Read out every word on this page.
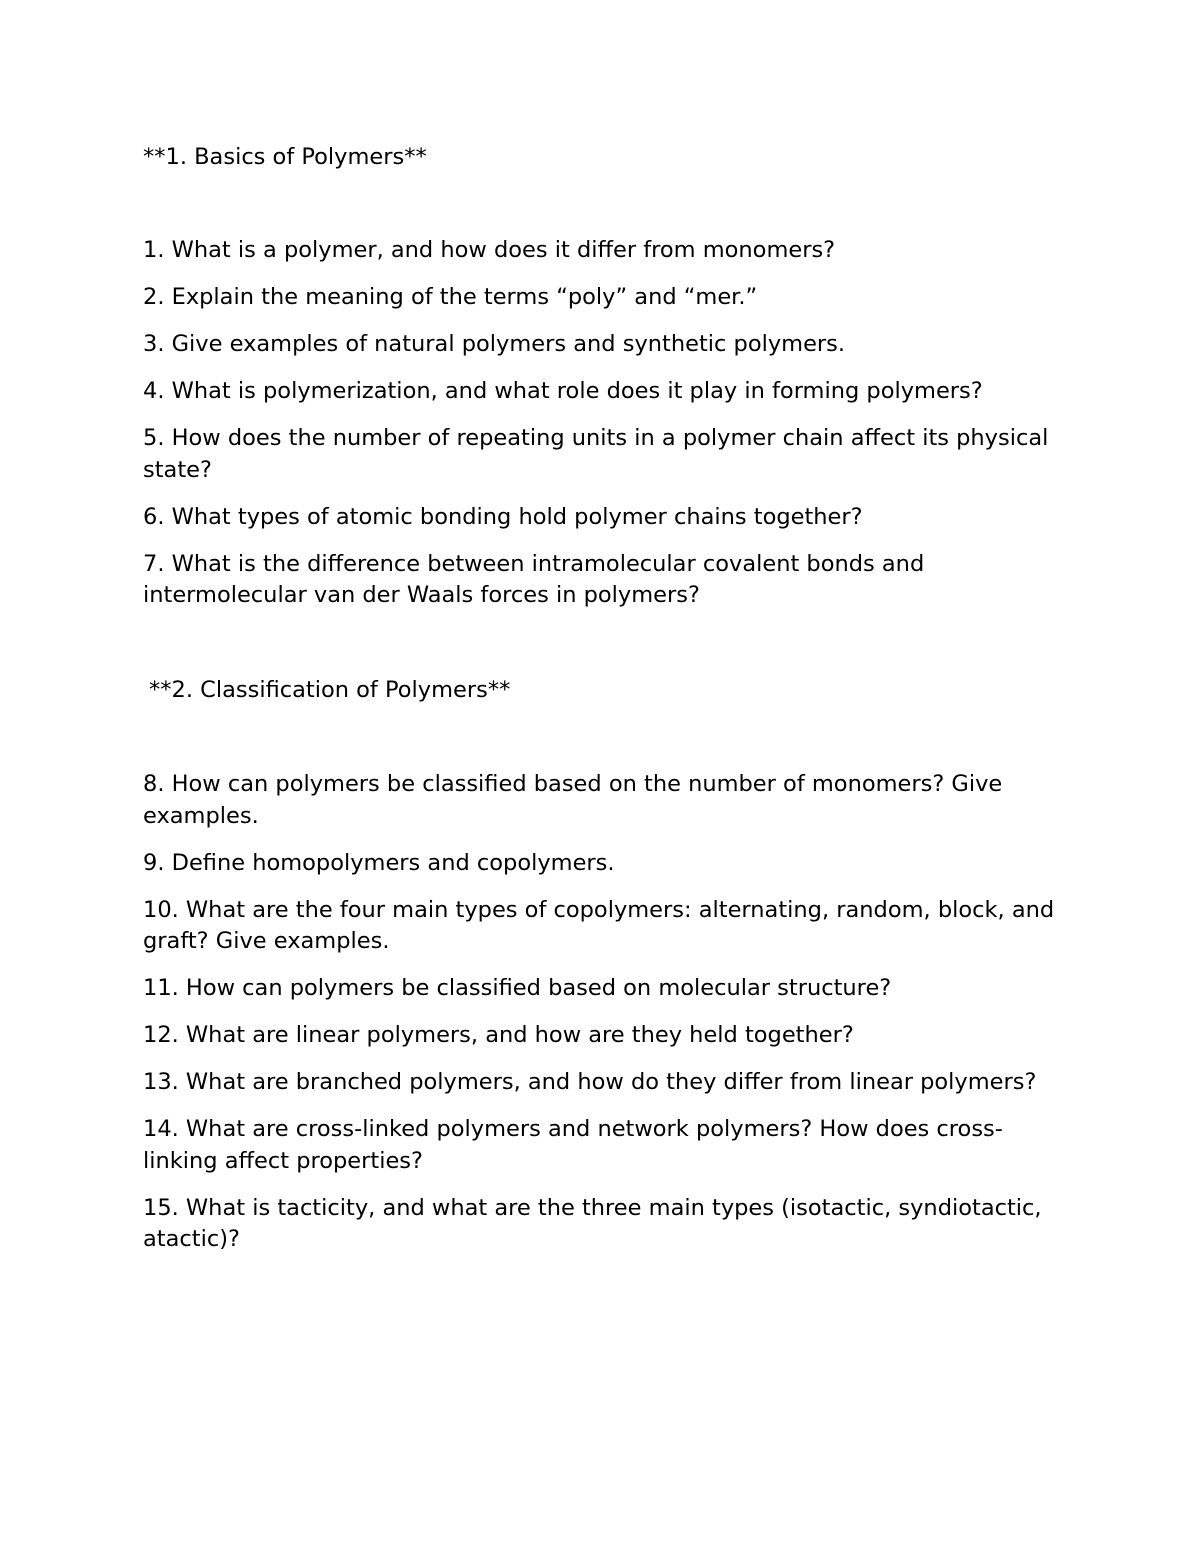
**1. Basics of Polymers**

1. What is a polymer, and how does it differ from monomers?
2. Explain the meaning of the terms “poly” and “mer.”
3. Give examples of natural polymers and synthetic polymers.
4. What is polymerization, and what role does it play in forming polymers?
5. How does the number of repeating units in a polymer chain affect its physical state?
6. What types of atomic bonding hold polymer chains together?
7. What is the difference between intramolecular covalent bonds and intermolecular van der Waals forces in polymers?

**2. Classification of Polymers**

8. How can polymers be classified based on the number of monomers? Give examples.
9. Define homopolymers and copolymers.
10. What are the four main types of copolymers: alternating, random, block, and graft? Give examples.
11. How can polymers be classified based on molecular structure?
12. What are linear polymers, and how are they held together?
13. What are branched polymers, and how do they differ from linear polymers?
14. What are cross-linked polymers and network polymers? How does cross-linking affect properties?
15. What is tacticity, and what are the three main types (isotactic, syndiotactic, atactic)?
